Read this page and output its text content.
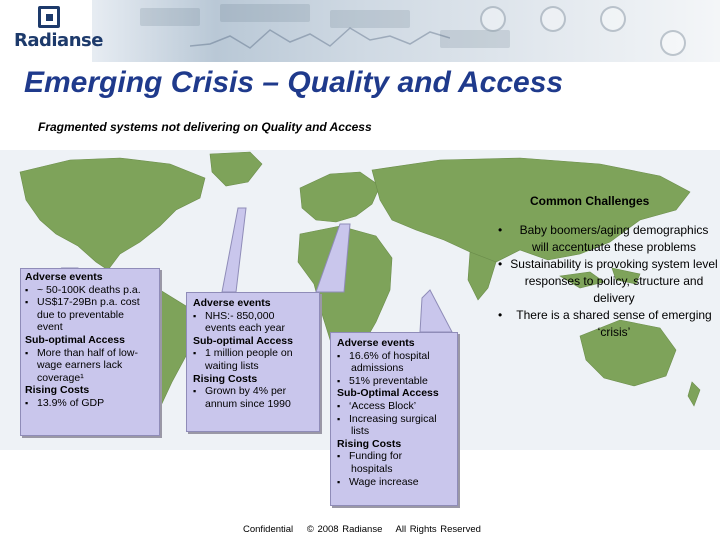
Radianse
Emerging Crisis – Quality and Access
Fragmented systems not delivering on Quality and Access
Common Challenges
• Baby boomers/aging demographics will accentuate these problems
• Sustainability is provoking system level responses to policy, structure and delivery
• There is a shared sense of emerging ‘crisis’
Adverse events
▪ ~ 50-100K deaths p.a.
▪ US$17-29Bn p.a. cost
due to preventable
event
Sub-optimal Access
▪ More than half of low-
wage earners lack
coverage¹
Rising Costs
▪ 13.9% of GDP
Adverse events
▪ NHS:- 850,000
events each year
Sub-optimal Access
▪ 1 million people on
waiting lists
Rising Costs
▪ Grown by 4% per
annum since 1990
Adverse events
▪ 16.6% of hospital
admissions
▪ 51% preventable
Sub-Optimal Access
▪ ‘Access Block’
▪ Increasing surgical
lists
Rising Costs
▪ Funding for
hospitals
▪ Wage increase
Confidential © 2008 Radianse All Rights Reserved
